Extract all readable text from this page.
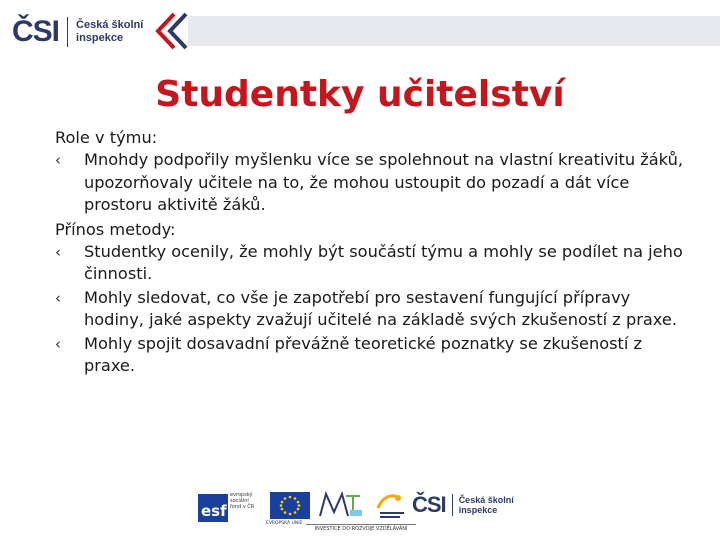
ČSI Česká školní
inspekce
Studentky učitelství
Role v týmu:
‹	Mnohdy podpořily myšlenku více se spolehnout na vlastní kreativitu žáků, upozorňovaly učitele na to, že mohou ustoupit do pozadí a dát více prostoru aktivitě žáků.
Přínos metody:
‹	Studentky ocenily, že mohly být součástí týmu a mohly se podílet na jeho činnosti.
‹	Mohly sledovat, co vše je zapotřebí pro sestavení fungující přípravy hodiny, jaké aspekty zvažují učitelé na základě svých zkušeností z praxe.
‹	Mohly spojit dosavadní převážně teoretické poznatky se zkušeností z praxe.
esf
evropský sociální fond v ČR
EVROPSKÁ UNIE
ČSI Česká školní
inspekce
INVESTICE DO ROZVOJE VZDĚLÁVÁNÍ
